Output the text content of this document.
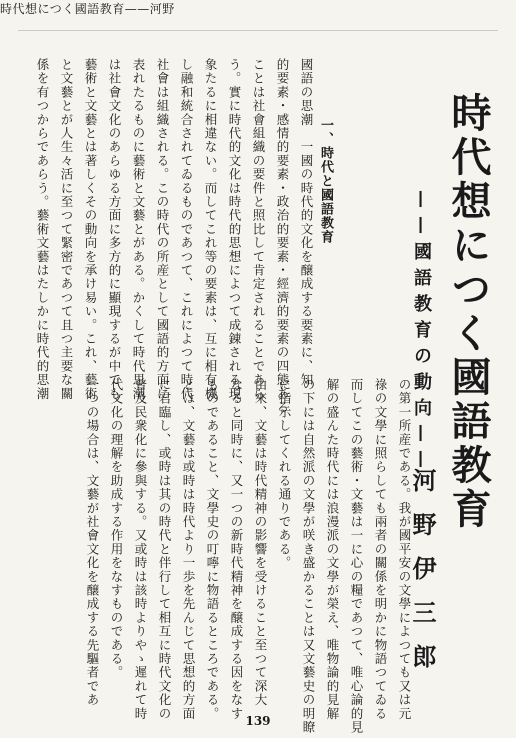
時代想につく國語教育——河野
時代想につく國語教育
——國語教育の動向——
河野伊三郎
一、時代と國語教育
國語の思潮　一國の時代的文化を醸成する要素に、知
的要素・感情的要素・政治的要素・經濟的要素の四態ある
ことは社會組織の要件と照比して肯定されることであら
う。實に時代的文化は時代的思想によつて成錬される現
象たるに相違ない。而してこれ等の要素は、互に相有機
し融和統合されてゐるものであつて、これによつて時代
社會は組織される。この時代の所産として國語的方面に
表れたるものに藝術と文藝とがある。かくして時代思潮
は社會文化のあらゆる方面に多方的に顯現するが中でも
藝術と文藝とは著しくその動向を承け易い。これ、藝術
と文藝とが人生々活に至つて緊密であつて且つ主要な關
係を有つからであらう。藝術文藝はたしかに時代的思潮
の第一所産である。我が國平安の文學によつても又は元
祿の文學に照らしても兩者の關係を明かに物語つてゐる
而してこの藝術・文藝は一に心の糧であつて、唯心論的見
解の盛んた時代には浪漫派の文學が榮え、唯物論的見解
の下には自然派の文學が咲き盛かることは又文藝史の明瞭
に指示してくれる通りである。
由來、文藝は時代精神の影響を受けること至つて深大
なると同時に、又一つの新時代精神を醸成する因をなす
ものであること、文學史の叮嚀に物語るところである。
とは、文藝は或時は時代より一歩を先んじて思想的方面
に君臨し、或時は其の時代と伴行して相互に時代文化の
普及民衆化に參與する。又或時は該時よりやゝ遲れて時
代文化の理解を助成する作用をなすものである。
一つの場合は、文藝が社會文化を醸成する先驅者であ
139
